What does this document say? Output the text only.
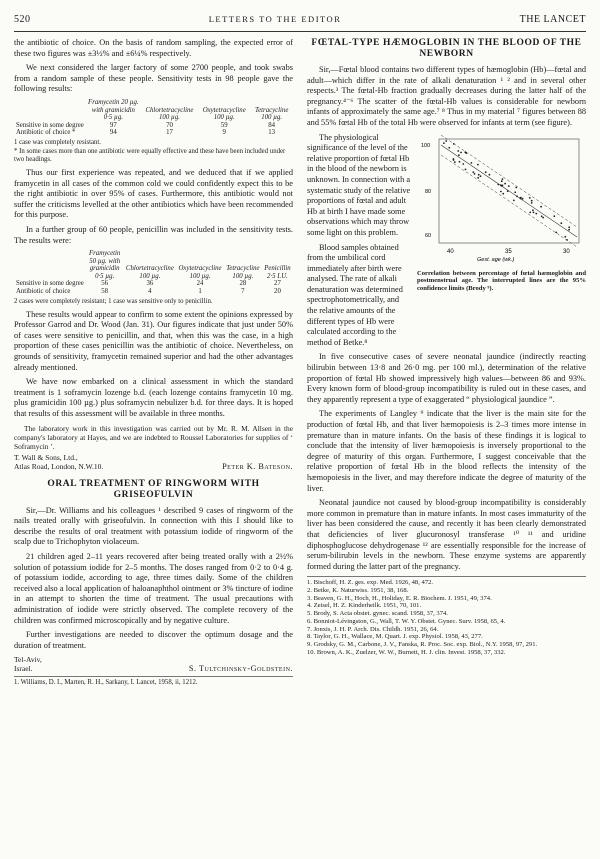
520	LETTERS TO THE EDITOR	THE LANCET

the antibiotic of choice. On the basis of random sampling, the expected error of these two figures was ±3½% and ±6¼% respectively.

We next considered the larger factory of some 2700 people, and took swabs from a random sample of these people. Sensitivity tests in 98 people gave the following results:

	Framycetin 20 µg. with gramicidin 0·5 µg.	Chlortetracycline 100 µg.	Oxytetracycline 100 µg.	Tetracycline 100 µg.
Sensitive in some degree	97	70	59	84
Antibiotic of choice *	94	17	9	13
1 case was completely resistant.
* In some cases more than one antibiotic were equally effective and these have been included under two headings.

Thus our first experience was repeated, and we deduced that if we applied framycetin in all cases of the common cold we could confidently expect this to be the right antibiotic in over 95% of cases. Furthermore, this antibiotic would not suffer the criticisms levelled at the other antibiotics which have been recommended for this purpose.

In a further group of 60 people, penicillin was included in the sensitivity tests. The results were:

	Framycetin 50 µg. with gramicidin 0·5 µg.	Chlortetracycline 100 µg.	Oxytetracycline 100 µg.	Tetracycline 100 µg.	Penicillin 2·5 I.U.
Sensitive in some degree	56	36	24	28	27
Antibiotic of choice	58	4	1	7	20
2 cases were completely resistant; 1 case was sensitive only to penicillin.

These results would appear to confirm to some extent the opinions expressed by Professor Garrod and Dr. Wood (Jan. 31). Our figures indicate that just under 50% of cases were sensitive to penicillin, and that, when this was the case, in a high proportion of these cases penicillin was the antibiotic of choice. Nevertheless, on grounds of sensitivity, framycetin remained superior and had the other advantages already mentioned.

We have now embarked on a clinical assessment in which the standard treatment is 1 soframycin lozenge b.d. (each lozenge contains framycetin 10 mg. plus gramicidin 100 µg.) plus soframycin nebulizer b.d. for three days. It is hoped that results of this assessment will be available in three months.

The laboratory work in this investigation was carried out by Mr. R. M. Allsen in the company's laboratory at Hayes, and we are indebted to Roussel Laboratories for supplies of ‘ Soframycin ’.
T. Wall & Sons, Ltd.,
Atlas Road, London, N.W.10.	Peter K. Bateson.
ORAL TREATMENT OF RINGWORM WITH GRISEOFULVIN

Sir,—Dr. Williams and his colleagues ¹ described 9 cases of ringworm of the nails treated orally with griseofulvin. In connection with this I should like to describe the results of oral treatment with potassium iodide of ringworm of the scalp due to Trichophyton violaceum.

21 children aged 2–11 years recovered after being treated orally with a 2½% solution of potassium iodide for 2–5 months. The doses ranged from 0·2 to 0·4 g. of potassium iodide, according to age, three times daily. Some of the children received also a local application of haloanaphthol ointment or 3% tincture of iodine in an attempt to shorten the time of treatment. The usual precautions with administration of iodide were strictly observed. The complete recovery of the children was confirmed microscopically and by negative culture.

Further investigations are needed to discover the optimum dosage and the duration of treatment.

Tel-Aviv,
Israel.	S. Tultchinsky-Goldstein.
1. Williams, D. I., Marten, R. H., Sarkany, I. Lancet, 1958, ii, 1212.
FŒTAL-TYPE HÆMOGLOBIN IN THE BLOOD OF THE NEWBORN

Sir,—Fœtal blood contains two different types of hæmoglobin (Hb)—fœtal and adult—which differ in the rate of alkali denaturation ¹ ² and in several other respects.³ The fœtal-Hb fraction gradually decreases during the latter half of the pregnancy.⁴⁻⁶ The scatter of the fœtal-Hb values is considerable for newborn infants of approximately the same age.⁷ ⁸ Thus in my material ⁷ figures between 88 and 55% fœtal Hb of the total Hb were observed for infants at term (see figure).

The physiological significance of the level of the relative proportion of fœtal Hb in the blood of the newborn is unknown. In connection with a systematic study of the relative proportions of fœtal and adult Hb at birth I have made some observations which may throw some light on this problem.

Blood samples obtained from the umbilical cord immediately after birth were analysed. The rate of alkali denaturation was determined spectrophotometrically, and the relative amounts of the different types of Hb were calculated according to the method of Betke.⁸

40	35	30
Gest. age (wk.)
100
80
60
Correlation between percentage of fœtal hæmoglobin and postmenstrual age. The interrupted lines are the 95% confidence limits (Brody ⁹).

In five consecutive cases of severe neonatal jaundice (indirectly reacting bilirubin between 13·8 and 26·0 mg. per 100 ml.), determination of the relative proportion of fœtal Hb showed impressively high values—between 86 and 93%. Every known form of blood-group incompatibility is ruled out in these cases, and they apparently represent a type of exaggerated “ physiological jaundice ”.

The experiments of Langley ⁹ indicate that the liver is the main site for the production of fœtal Hb, and that liver hæmopoiesis is 2–3 times more intense in premature than in mature infants. On the basis of these findings it is logical to conclude that the intensity of liver hæmopoiesis is inversely proportional to the degree of maturity of this organ. Furthermore, I suggest conceivable that the relative proportion of fœtal Hb in the blood reflects the intensity of the hæmopoiesis in the liver, and may therefore indicate the degree of maturity of the liver.

Neonatal jaundice not caused by blood-group incompatibility is considerably more common in premature than in mature infants. In most cases immaturity of the liver has been considered the cause, and recently it has been clearly demonstrated that deficiencies of liver glucuronosyl transferase ¹⁰ ¹¹ and uridine diphosphoglucose dehydrogenase ¹² are essentially responsible for the increase of serum-bilirubin levels in the newborn. These enzyme systems are apparently formed during the latter part of the pregnancy.

1. Bischoff, H. Z. ges. exp. Med. 1926, 48, 472.
2. Betke, K. Naturwiss. 1951, 38, 168.
3. Beaven, G. H., Hoch, H., Holiday, E. R. Biochem. J. 1951, 49, 374.
4. Zeisel, H. Z. Kinderheilk. 1951, 70, 101.
5. Brody, S. Acta obstet. gynec. scand. 1958, 37, 374.
6. Bonniot-Lévingston, G., Wall, T. W. Y. Obstet. Gynec. Surv. 1958, 65, 4.
7. Jonxis, J. H. P. Arch. Dis. Childh. 1951, 26, 64.
8. Taylor, G. H., Wallace, M. Quart. J. exp. Physiol. 1958, 43, 277.
9. Grodsky, G. M., Carbone, J. V., Fanska, R. Proc. Soc. exp. Biol., N.Y. 1958, 97, 291.
10. Brown, A. K., Zuelzer, W. W., Burnett, H. J. clin. Invest. 1958, 37, 332.
